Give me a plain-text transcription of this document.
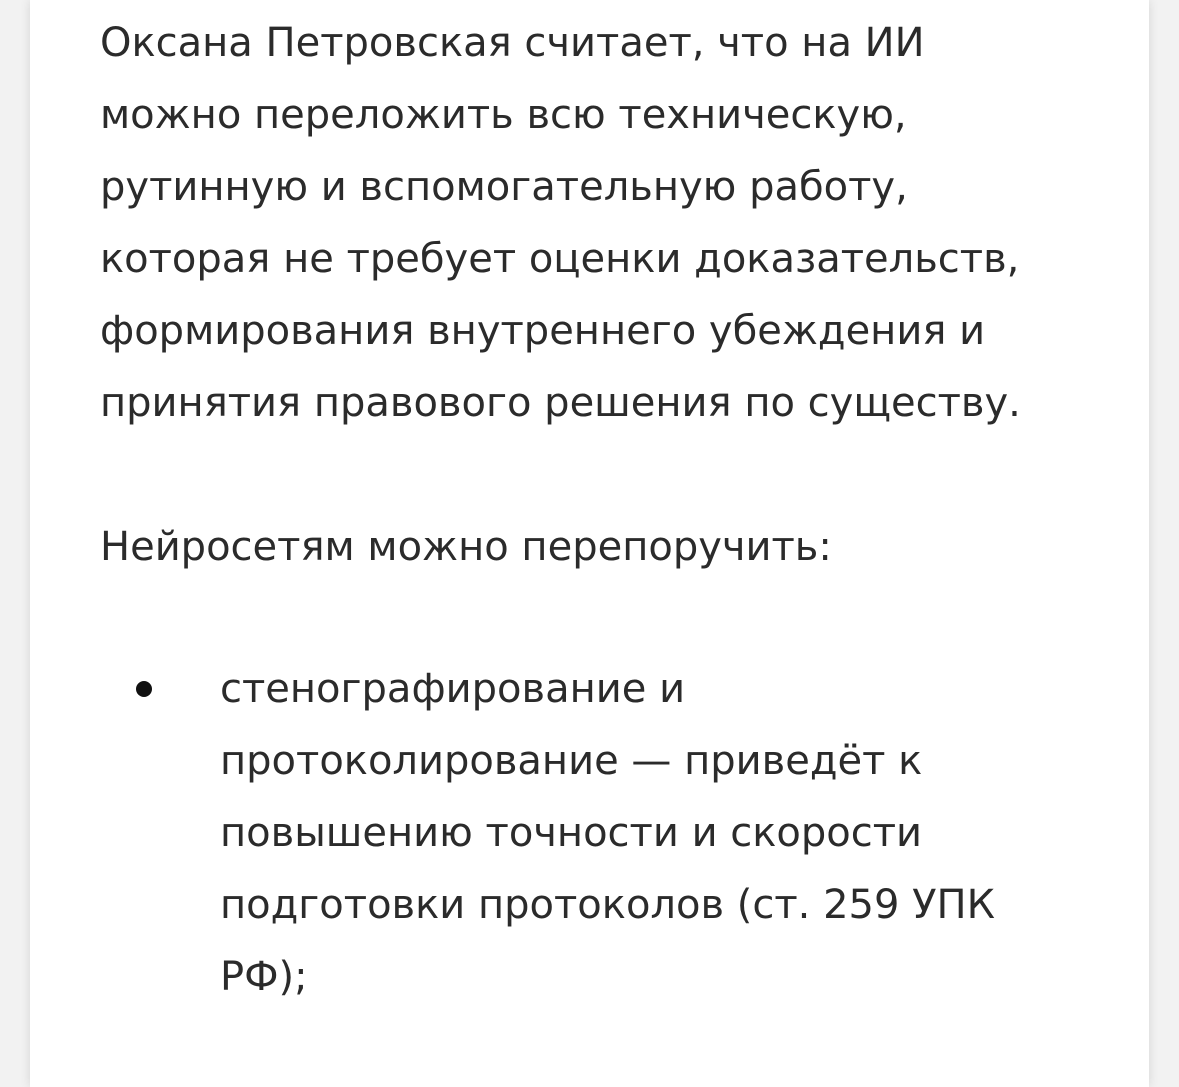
Оксана Петровская считает, что на ИИ
можно переложить всю техническую,
рутинную и вспомогательную работу,
которая не требует оценки доказательств,
формирования внутреннего убеждения и
принятия правового решения по существу.

Нейросетям можно перепоручить:

стенографирование и
протоколирование — приведёт к
повышению точности и скорости
подготовки протоколов (ст. 259 УПК
РФ);
